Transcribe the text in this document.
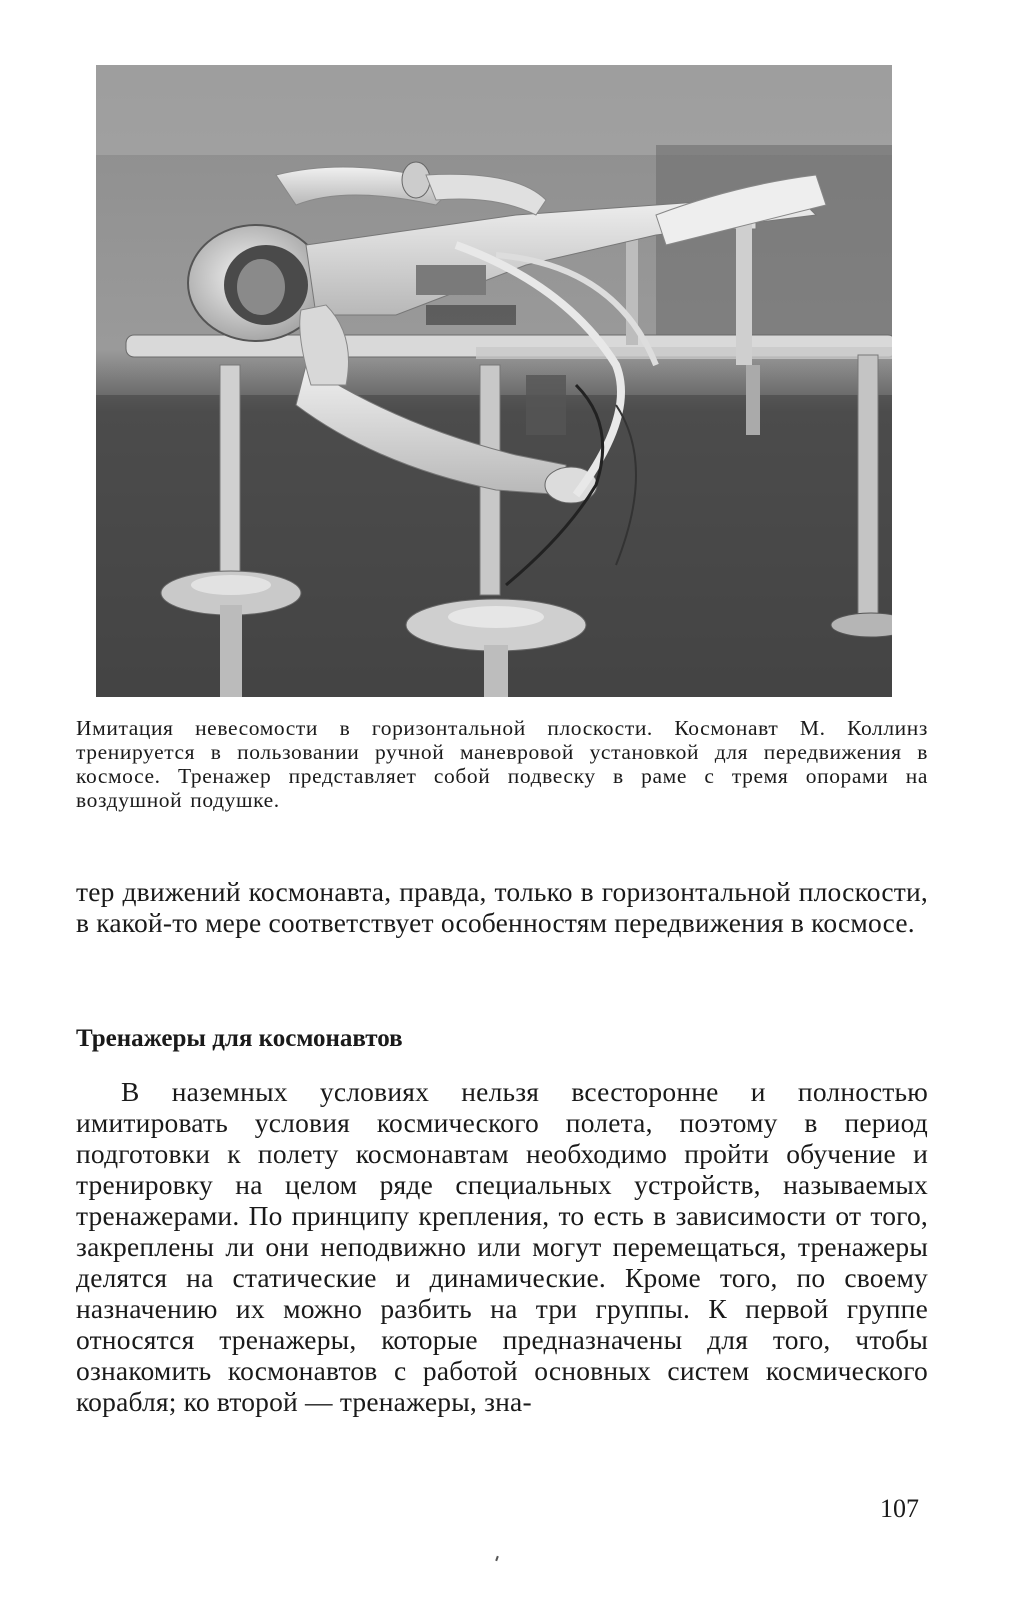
Имитация невесомости в горизонтальной плоскости. Космонавт М. Коллинз тренируется в пользовании ручной маневровой установкой для передвижения в космосе. Тренажер представляет собой подвеску в раме с тремя опорами на воздушной подушке.

тер движений космонавта, правда, только в горизонтальной плоскости, в какой-то мере соответствует особенностям передвижения в космосе.

Тренажеры для космонавтов

В наземных условиях нельзя всесторонне и полностью имитировать условия космического полета, поэтому в период подготовки к полету космонавтам необходимо пройти обучение и тренировку на целом ряде специальных устройств, называемых тренажерами. По принципу крепления, то есть в зависимости от того, закреплены ли они неподвижно или могут перемещаться, тренажеры делятся на статические и динамические. Кроме того, по своему назначению их можно разбить на три группы. К первой группе относятся тренажеры, которые предназначены для того, чтобы ознакомить космонавтов с работой основных систем космического корабля; ко второй — тренажеры, зна-

107
